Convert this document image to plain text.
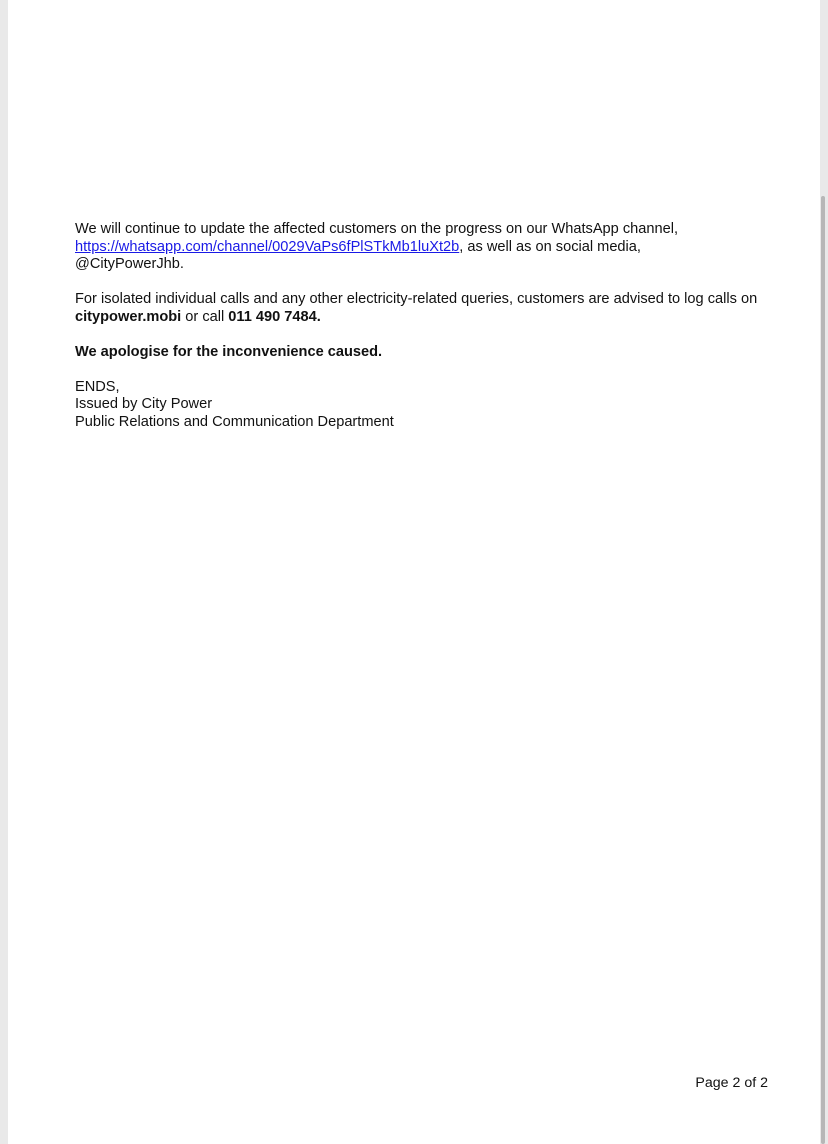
We will continue to update the affected customers on the progress on our WhatsApp channel,
https://whatsapp.com/channel/0029VaPs6fPlSTkMb1luXt2b, as well as on social media,
@CityPowerJhb.

For isolated individual calls and any other electricity-related queries, customers are advised to log calls on citypower.mobi or call 011 490 7484.

We apologise for the inconvenience caused.

ENDS,
Issued by City Power
Public Relations and Communication Department

Page 2 of 2
